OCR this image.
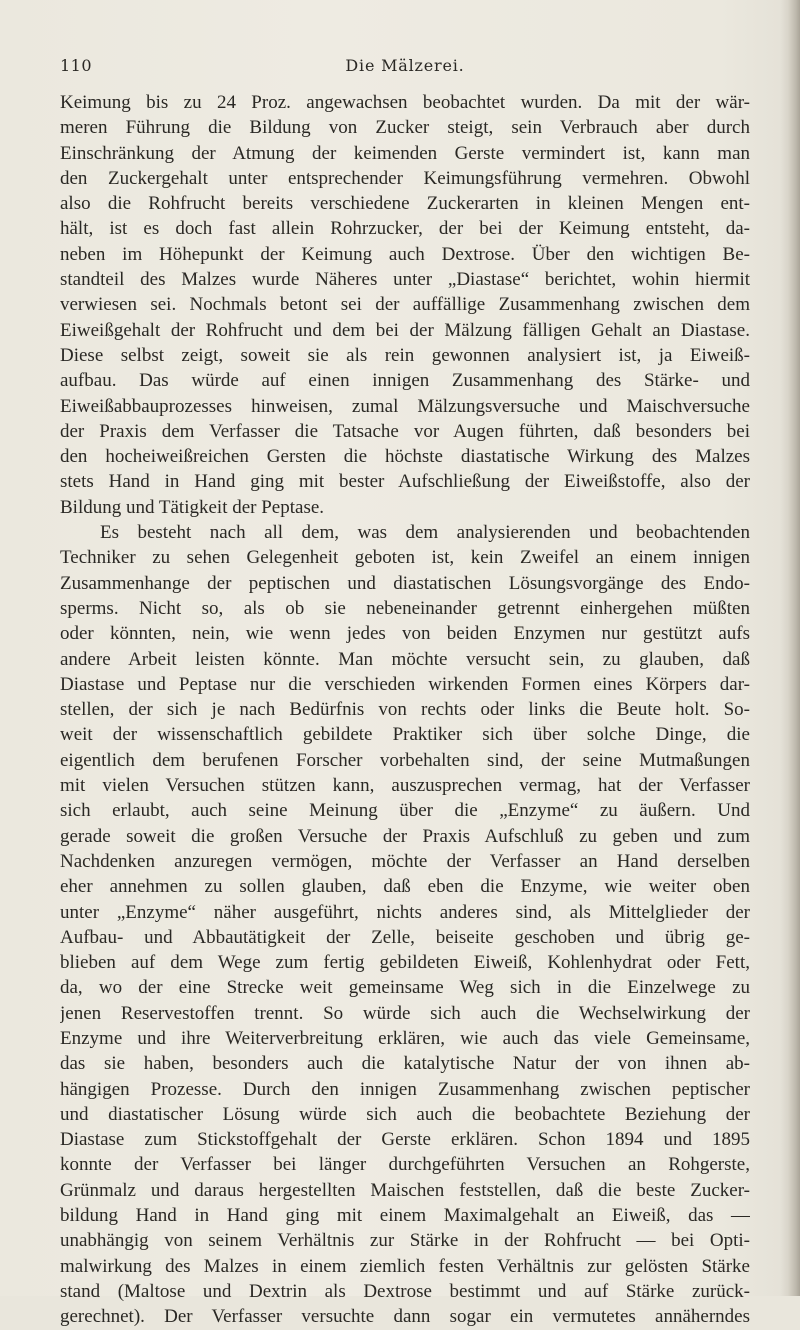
110	Die Mälzerei.
Keimung bis zu 24 Proz. angewachsen beobachtet wurden. Da mit der wär-
meren Führung die Bildung von Zucker steigt, sein Verbrauch aber durch
Einschränkung der Atmung der keimenden Gerste vermindert ist, kann man
den Zuckergehalt unter entsprechender Keimungsführung vermehren. Obwohl
also die Rohfrucht bereits verschiedene Zuckerarten in kleinen Mengen ent-
hält, ist es doch fast allein Rohrzucker, der bei der Keimung entsteht, da-
neben im Höhepunkt der Keimung auch Dextrose. Über den wichtigen Be-
standteil des Malzes wurde Näheres unter „Diastase“ berichtet, wohin hiermit
verwiesen sei. Nochmals betont sei der auffällige Zusammenhang zwischen dem
Eiweißgehalt der Rohfrucht und dem bei der Mälzung fälligen Gehalt an Diastase.
Diese selbst zeigt, soweit sie als rein gewonnen analysiert ist, ja Eiweiß-
aufbau. Das würde auf einen innigen Zusammenhang des Stärke- und
Eiweißabbauprozesses hinweisen, zumal Mälzungsversuche und Maischversuche
der Praxis dem Verfasser die Tatsache vor Augen führten, daß besonders bei
den hocheiweißreichen Gersten die höchste diastatische Wirkung des Malzes
stets Hand in Hand ging mit bester Aufschließung der Eiweißstoffe, also der
Bildung und Tätigkeit der Peptase.
Es besteht nach all dem, was dem analysierenden und beobachtenden
Techniker zu sehen Gelegenheit geboten ist, kein Zweifel an einem innigen
Zusammenhange der peptischen und diastatischen Lösungsvorgänge des Endo-
sperms. Nicht so, als ob sie nebeneinander getrennt einhergehen müßten
oder könnten, nein, wie wenn jedes von beiden Enzymen nur gestützt aufs
andere Arbeit leisten könnte. Man möchte versucht sein, zu glauben, daß
Diastase und Peptase nur die verschieden wirkenden Formen eines Körpers dar-
stellen, der sich je nach Bedürfnis von rechts oder links die Beute holt. So-
weit der wissenschaftlich gebildete Praktiker sich über solche Dinge, die
eigentlich dem berufenen Forscher vorbehalten sind, der seine Mutmaßungen
mit vielen Versuchen stützen kann, auszusprechen vermag, hat der Verfasser
sich erlaubt, auch seine Meinung über die „Enzyme“ zu äußern. Und
gerade soweit die großen Versuche der Praxis Aufschluß zu geben und zum
Nachdenken anzuregen vermögen, möchte der Verfasser an Hand derselben
eher annehmen zu sollen glauben, daß eben die Enzyme, wie weiter oben
unter „Enzyme“ näher ausgeführt, nichts anderes sind, als Mittelglieder der
Aufbau- und Abbautätigkeit der Zelle, beiseite geschoben und übrig ge-
blieben auf dem Wege zum fertig gebildeten Eiweiß, Kohlenhydrat oder Fett,
da, wo der eine Strecke weit gemeinsame Weg sich in die Einzelwege zu
jenen Reservestoffen trennt. So würde sich auch die Wechselwirkung der
Enzyme und ihre Weiterverbreitung erklären, wie auch das viele Gemeinsame,
das sie haben, besonders auch die katalytische Natur der von ihnen ab-
hängigen Prozesse. Durch den innigen Zusammenhang zwischen peptischer
und diastatischer Lösung würde sich auch die beobachtete Beziehung der
Diastase zum Stickstoffgehalt der Gerste erklären. Schon 1894 und 1895
konnte der Verfasser bei länger durchgeführten Versuchen an Rohgerste,
Grünmalz und daraus hergestellten Maischen feststellen, daß die beste Zucker-
bildung Hand in Hand ging mit einem Maximalgehalt an Eiweiß, das —
unabhängig von seinem Verhältnis zur Stärke in der Rohfrucht — bei Opti-
malwirkung des Malzes in einem ziemlich festen Verhältnis zur gelösten Stärke
stand (Maltose und Dextrin als Dextrose bestimmt und auf Stärke zurück-
gerechnet). Der Verfasser versuchte dann sogar ein vermutetes annäherndes
